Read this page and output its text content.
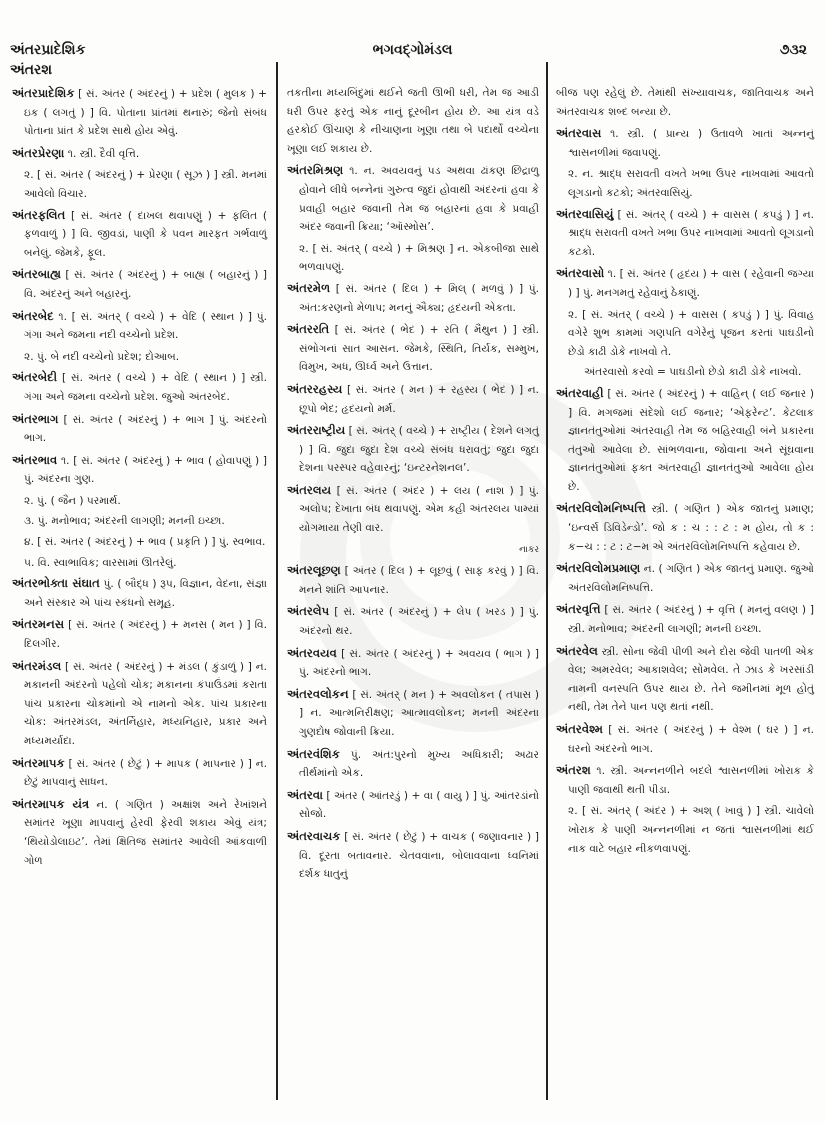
અંતરપ્રાદેશિક	ભગવદ્ગોમંડલ	૭૩૨
અંતરશ
અંતરપ્રાદેશિક [ સં. અંતર ( અંદરનું ) + પ્રદેશ ( મુલક ) + ઇક ( લગતું ) ] વિ. પોતાના પ્રાંતમાં થનારું; જેનો સંબંધ પોતાના પ્રાંત કે પ્રદેશ સાથે હોય એવું.
અંતરપ્રેરણા ૧. સ્ત્રી. દૈવી વૃત્તિ.
૨. [ સં. અંતર ( અંદરનું ) + પ્રેરણા ( સૂઝ ) ] સ્ત્રી. મનમાં આવેલો વિચાર.
અંતરફલિત [ સં. અંતર ( દાખલ થવાપણું ) + ફલિત ( ફળવાળું ) ] વિ. જીવડાં, પાણી કે પવન મારફત ગર્ભવાળું બનેલું. જેમકે, ફૂલ.
અંતરબાહ્ય [ સં. અંતર ( અંદરનું ) + બાહ્ય ( બહારનું ) ] વિ. અંદરનું અને બહારનું.
અંતરબેદ ૧. [ સં. અંતર્ ( વચ્ચે ) + વેદિ ( સ્થાન ) ] પું. ગંગા અને જમના નદી વચ્ચેનો પ્રદેશ.
૨. પું. બે નદી વચ્ચેનો પ્રદેશ; દોઆબ.
અંતરબેદી [ સં. અંતર ( વચ્ચે ) + વેદિ ( સ્થાન ) ] સ્ત્રી. ગંગા અને જમના વચ્ચેનો પ્રદેશ. જુઓ અંતરબેદ.
અંતરભાગ [ સં. અંતર ( અંદરનું ) + ભાગ ] પું. અંદરનો ભાગ.
અંતરભાવ ૧. [ સં. અંતર ( અંદરનું ) + ભાવ ( હોવાપણું ) ] પું. અંદરના ગુણ.
૨. પું. ( જૈન ) પરમાર્થ.
૩. પું. મનોભાવ; અંદરની લાગણી; મનની ઇચ્છા.
૪. [ સં. અંતર ( અંદરનું ) + ભાવ ( પ્રકૃતિ ) ] પું. સ્વભાવ.
૫. વિ. સ્વાભાવિક; વારસામાં ઊતરેલું.
અંતરભોક્તા સંઘાત પું. ( બૌદ્ધ ) રૂપ, વિજ્ઞાન, વેદના, સંજ્ઞા અને સંસ્કાર એ પાંચ સ્કંધનો સમૂહ.
અંતરમનસ [ સં. અંતર ( અંદરનું ) + મનસ ( મન ) ] વિ. દિલગીર.
અંતરમંડલ [ સં. અંતર ( અંદરનું ) + મંડલ ( કુંડાળું ) ] ન. મકાનની અંદરનો પહેલો ચોક; મકાનના કંપાઉંડમાં કરાતા પાંચ પ્રકારના ચોકમાંનો એ નામનો એક. પાંચ પ્રકારના ચોક: અંતરમંડલ, અંતર્નિહાર, મધ્યનિહાર, પ્રકાર અને મધ્યમર્યાદા.
અંતરમાપક [ સં. અંતર ( છેટું ) + માપક ( માપનાર ) ] ન. છેટું માપવાનું સાધન.
અંતરમાપક યંત્ર ન. ( ગણિત ) અક્ષાંશ અને રેખાંશને સમાંતર ખૂણા માપવાનું હેરવી ફેરવી શકાય એવું યંત્ર; ‘થિયોડોલાઇટ’. તેમાં ક્ષિતિજ સમાંતર આવેલી આંકવાળી ગોળ
તકતીના મધ્યબિંદુમાં થઈને જતી ઊભી ધરી, તેમ જ આડી ધરી ઉપર ફરતું એક નાનું દૂરબીન હોય છે. આ યંત્ર વડે હરકોઈ ઊંચાણ કે નીચાણના ખૂણા તથા બે પદાર્થો વચ્ચેના ખૂણા લઈ શકાય છે.
અંતરમિશ્રણ ૧. ન. અવયવનું પડ અથવા ઢાંકણ છિદ્રાળુ હોવાને લીધે બન્નેનાં ગુરુત્વ જુદાં હોવાથી અંદરનાં હવા કે પ્રવાહી બહાર જવાની તેમ જ બહારનાં હવા કે પ્રવાહી અંદર જવાની ક્રિયા; ‘ઑસ્મોસ’.
૨. [ સં. અંતર્ ( વચ્ચે ) + મિશ્રણ ] ન. એકબીજા સાથે ભળવાપણું.
અંતરમેળ [ સં. અંતર ( દિલ ) + મિલ્ ( મળવું ) ] પું. અંત:કરણનો મેળાપ; મનનું ઐક્ય; હૃદયની એકતા.
અંતરરતિ [ સં. અંતર ( ભેદ ) + રતિ ( મૈથુન ) ] સ્ત્રી. સંભોગનાં સાત આસન. જેમકે, સ્થિતિ, તિર્યક, સમ્મુખ, વિમુખ, અધ, ઊર્ધ્વ અને ઉત્તાન.
અંતરરહસ્ય [ સં. અંતર ( મન ) + રહસ્ય ( ભેદ ) ] ન. છૂપો ભેદ; હૃદયનો મર્મ.
અંતરરાષ્ટ્રીય [ સં. અંતર્ ( વચ્ચે ) + રાષ્ટ્રીય ( દેશને લગતું ) ] વિ. જુદા જુદા દેશ વચ્ચે સંબંધ ધરાવતું; જુદા જુદા દેશના પરસ્પર વહેવારનું; ‘ઇન્ટરનેશનલ’.
અંતરલય [ સં. અંતર ( અંદર ) + લય ( નાશ ) ] પું. અલોપ; દેખાતા બંધ થવાપણું. એમ કહી અંતરલય પામ્યાં યોગમાયા તેણી વાર.
નાકર
અંતરલૂછણ [ અંતર ( દિલ ) + લૂછવું ( સાફ કરવું ) ] વિ. મનને શાંતિ આપનાર.
અંતરલેપ [ સં. અંતર ( અંદરનું ) + લેપ ( ખરડ ) ] પું. અંદરનો થર.
અંતરવયવ [ સં. અંતર ( અંદરનું ) + અવયવ ( ભાગ ) ] પું. અંદરનો ભાગ.
અંતરવલોકન [ સં. અંતર્ ( મન ) + અવલોકન ( તપાસ ) ] ન. આત્મનિરીક્ષણ; આત્માવલોકન; મનની અંદરના ગુણદોષ જોવાની ક્રિયા.
અંતરવંશિક પું. અંત:પુરનો મુખ્ય અધિકારી; અઢાર તીર્થમાંનો એક.
અંતરવા [ અંતર ( આંતરડું ) + વા ( વાયુ ) ] પું. આંતરડાંનો સોજો.
અંતરવાચક [ સં. અંતર ( છેટું ) + વાચક ( જણાવનાર ) ] વિ. દૂરતા બતાવનાર. ચેતવવાના, બોલાવવાના ધ્વનિમાં દર્શક ધાતુનું
બીજ પણ રહેલું છે. તેમાંથી સંખ્યાવાચક, જાતિવાચક અને અંતરવાચક શબ્દ બન્યા છે.
અંતરવાસ ૧. સ્ત્રી. ( પ્રાન્ય ) ઉતાવળે ખાતાં અન્નનું શ્વાસનળીમાં જવાપણું.
૨. ન. શ્રાદ્ધ સરાવતી વખતે ખભા ઉપર નાખવામાં આવતો લૂગડાનો કટકો; અંતરવાસિયું.
અંતરવાસિયું [ સં. અંતર્ ( વચ્ચે ) + વાસસ ( કપડું ) ] ન. શ્રાદ્ધ સરાવતી વખતે ખભા ઉપર નાખવામાં આવતો લૂગડાનો કટકો.
અંતરવાસો ૧. [ સં. અંતર ( હૃદય ) + વાસ ( રહેવાની જગ્યા ) ] પું. મનગમતું રહેવાનું ઠેકાણું.
૨. [ સં. અંતર્ ( વચ્ચે ) + વાસસ ( કપડું ) ] પું. વિવાહ વગેરે શુભ કામમાં ગણપતિ વગેરેનું પૂજન કરતાં પાઘડીનો છેડો કાઢી ડોકે નાખવો તે.
અંતરવાસો કરવો = પાઘડીનો છેડો કાઢી ડોકે નાખવો.
અંતરવાહી [ સં. અંતર ( અંદરનું ) + વાહિન્ ( લઈ જનાર ) ] વિ. મગજમાં સંદેશો લઈ જનાર; ‘એફરેન્ટ’. કેટલાક જ્ઞાનતંતુઓમાં અંતરવાહી તેમ જ બહિરવાહી બંને પ્રકારના તંતુઓ આવેલા છે. સાંભળવાના, જોવાના અને સૂંઘવાના જ્ઞાનતંતુઓમાં ફક્ત અંતરવાહી જ્ઞાનતંતુઓ આવેલા હોય છે.
અંતરવિલોમનિષ્પત્તિ સ્ત્રી. ( ગણિત ) એક જાતનું પ્રમાણ; ‘ઇન્વર્સ ડિવિડેન્ડો’. જો ક : ચ : : ટ : મ હોય, તો ક : ક−ચ : : ટ : ટ−મ એ અંતરવિલોમનિષ્પત્તિ કહેવાય છે.
અંતરવિલોમપ્રમાણ ન. ( ગણિત ) એક જાતનું પ્રમાણ. જુઓ અંતરવિલોમનિષ્પત્તિ.
અંતરવૃત્તિ [ સં. અંતર ( અંદરનું ) + વૃત્તિ ( મનનું વલણ ) ] સ્ત્રી. મનોભાવ; અંદરની લાગણી; મનની ઇચ્છા.
અંતરવેલ સ્ત્રી. સોના જેવી પીળી અને દોરા જેવી પાતળી એક વેલ; અમરવેલ; આકાશવેલ; સોમવેલ. તે ઝાડ કે ખરસાંડી નામની વનસ્પતિ ઉપર થાય છે. તેને જમીનમાં મૂળ હોતું નથી, તેમ તેને પાન પણ થતાં નથી.
અંતરવેશ્મ [ સં. અંતર ( અંદરનું ) + વેશ્મ ( ઘર ) ] ન. ઘરનો અંદરનો ભાગ.
અંતરશ ૧. સ્ત્રી. અન્નનળીને બદલે શ્વાસનળીમાં ખોરાક કે પાણી જવાથી થતી પીડા.
૨. [ સં. અંતર્ ( અંદર ) + અશ્ ( ખાવું ) ] સ્ત્રી. ચાવેલો ખોરાક કે પાણી અન્નનળીમાં ન જતાં શ્વાસનળીમાં થઈ નાક વાટે બહાર નીકળવાપણું.
